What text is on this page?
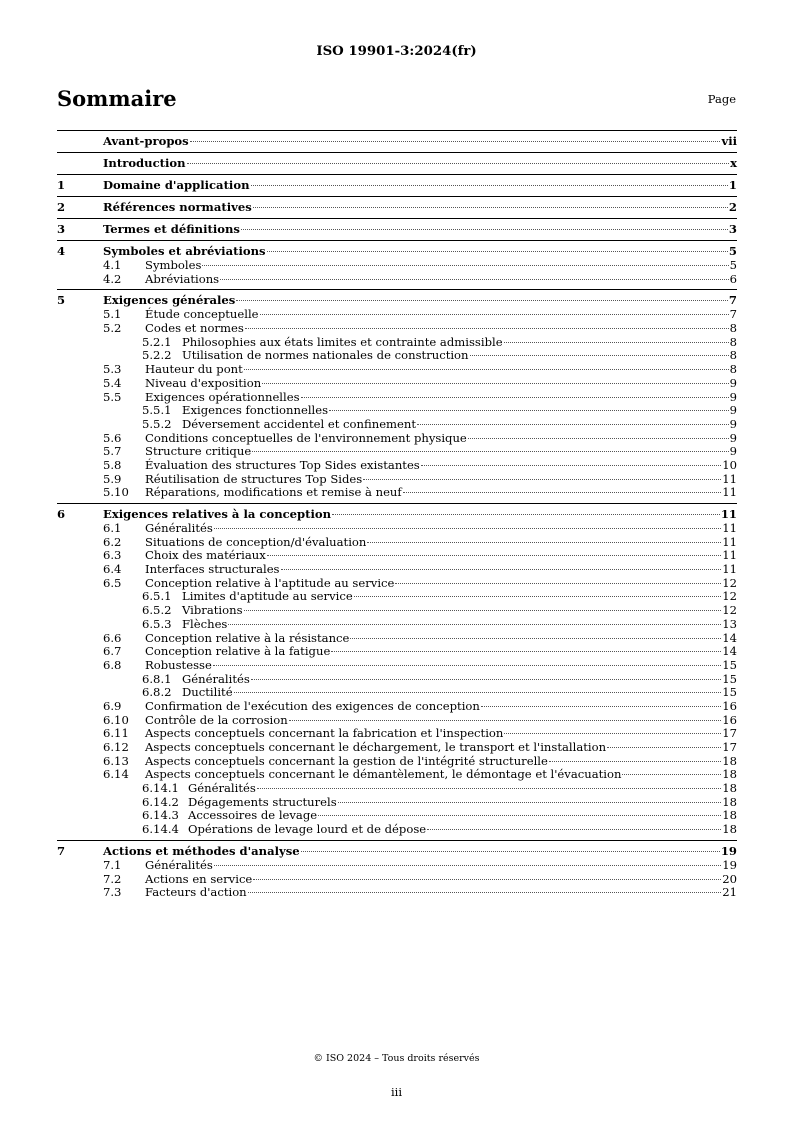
ISO 19901-3:2024(fr)
Sommaire	Page
Avant-propos	vii
Introduction	x
1	Domaine d'application	1
2	Références normatives	2
3	Termes et définitions	3
4	Symboles et abréviations	5
4.1	Symboles	5
4.2	Abréviations	6
5	Exigences générales	7
5.1	Étude conceptuelle	7
5.2	Codes et normes	8
5.2.1 Philosophies aux états limites et contrainte admissible	8
5.2.2 Utilisation de normes nationales de construction	8
5.3	Hauteur du pont	8
5.4	Niveau d'exposition	9
5.5	Exigences opérationnelles	9
5.5.1 Exigences fonctionnelles	9
5.5.2 Déversement accidentel et confinement	9
5.6	Conditions conceptuelles de l'environnement physique	9
5.7	Structure critique	9
5.8	Évaluation des structures Top Sides existantes	10
5.9	Réutilisation de structures Top Sides	11
5.10	Réparations, modifications et remise à neuf	11
6	Exigences relatives à la conception	11
6.1	Généralités	11
6.2	Situations de conception/d'évaluation	11
6.3	Choix des matériaux	11
6.4	Interfaces structurales	11
6.5	Conception relative à l'aptitude au service	12
6.5.1 Limites d'aptitude au service	12
6.5.2 Vibrations	12
6.5.3 Flèches	13
6.6	Conception relative à la résistance	14
6.7	Conception relative à la fatigue	14
6.8	Robustesse	15
6.8.1 Généralités	15
6.8.2 Ductilité	15
6.9	Confirmation de l'exécution des exigences de conception	16
6.10	Contrôle de la corrosion	16
6.11	Aspects conceptuels concernant la fabrication et l'inspection	17
6.12	Aspects conceptuels concernant le déchargement, le transport et l'installation	17
6.13	Aspects conceptuels concernant la gestion de l'intégrité structurelle	18
6.14	Aspects conceptuels concernant le démantèlement, le démontage et l'évacuation	18
6.14.1 Généralités	18
6.14.2 Dégagements structurels	18
6.14.3 Accessoires de levage	18
6.14.4 Opérations de levage lourd et de dépose	18
7	Actions et méthodes d'analyse	19
7.1	Généralités	19
7.2	Actions en service	20
7.3	Facteurs d'action	21
© ISO 2024 – Tous droits réservés
iii
